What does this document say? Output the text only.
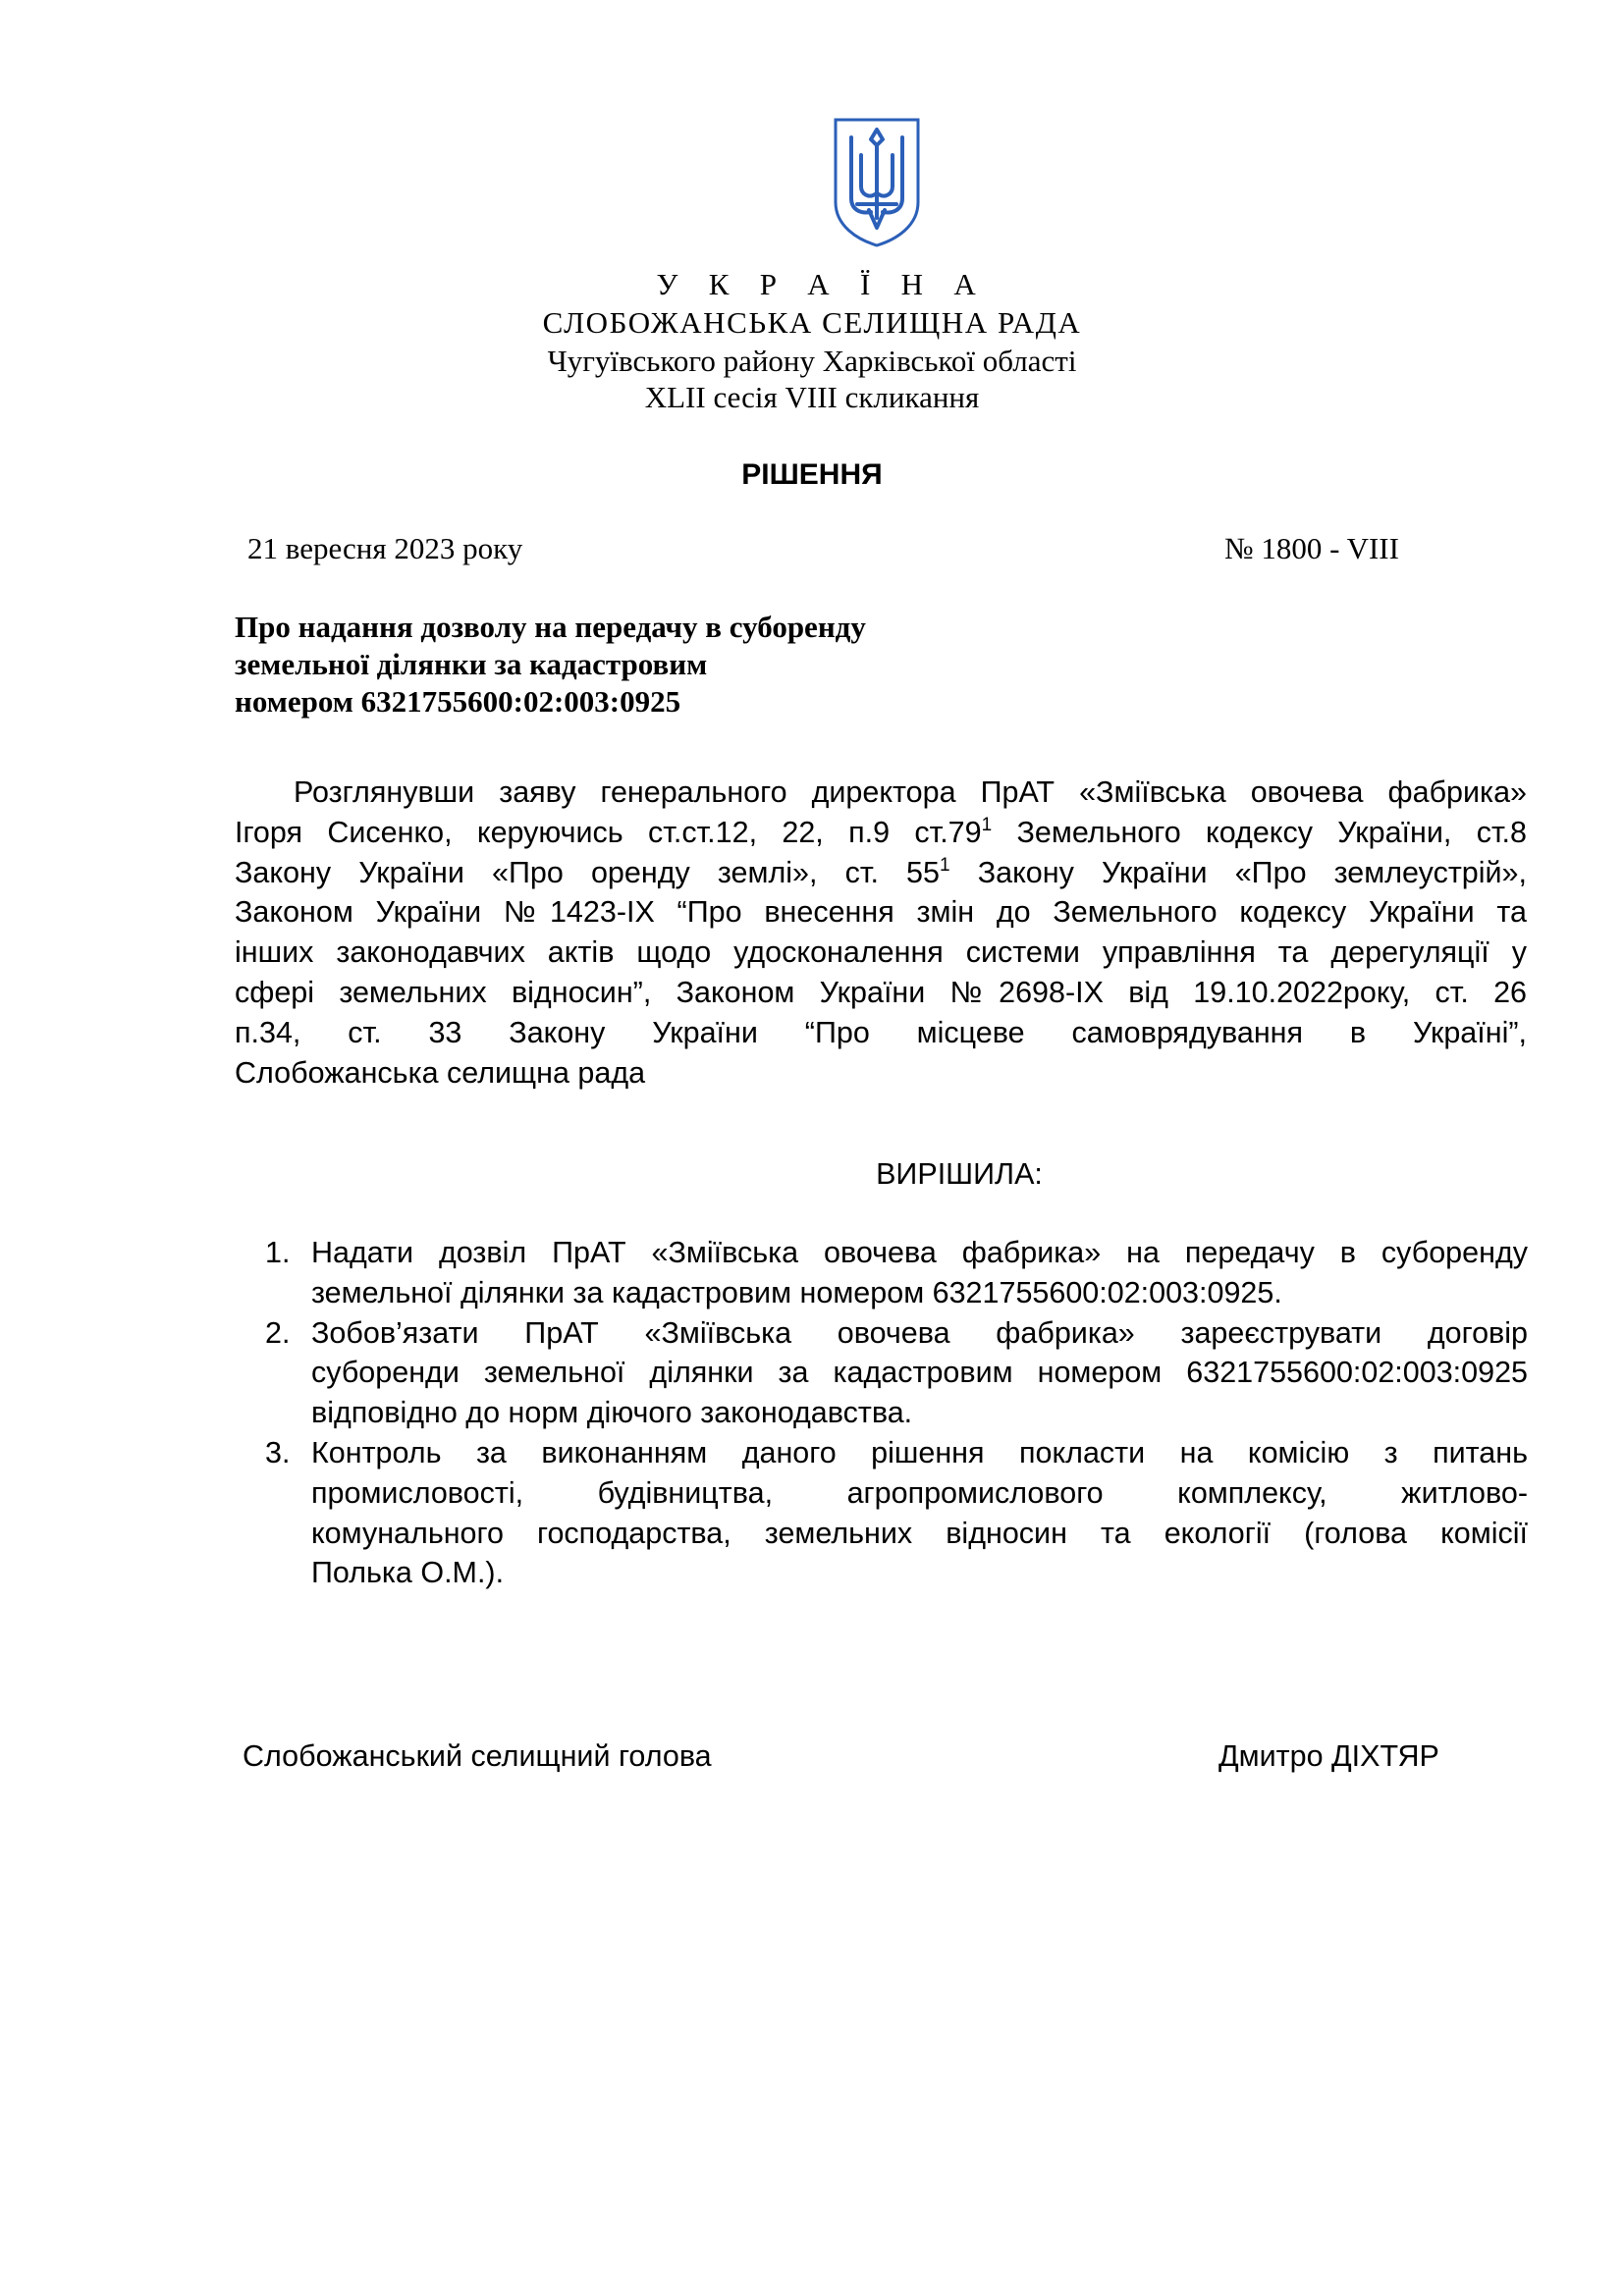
У К Р А Ї Н А
СЛОБОЖАНСЬКА СЕЛИЩНА РАДА
Чугуївського району Харківської області
XLII сесія VIII скликання
РІШЕННЯ
21 вересня 2023 року	№ 1800 - VIII
Про надання дозволу на передачу в суборенду
земельної ділянки за кадастровим
номером 6321755600:02:003:0925
Розглянувши заяву генерального директора ПрАТ «Зміївська овочева фабрика»
Ігоря Сисенко, керуючись ст.ст.12, 22, п.9 $ст.79^1$ Земельного кодексу України, ст.8
Закону України «Про оренду землі», ст. $55^1$ Закону України «Про землеустрій»,
Законом України №1423-ІХ “Про внесення змін до Земельного кодексу України та
інших законодавчих актів щодо удосконалення системи управління та дерегуляції у
сфері земельних відносин”, Законом України №2698-ІХ від 19.10.2022року, ст. 26
п.34, ст. 33 Закону України “Про місцеве самоврядування в Україні”,
Слобожанська селищна рада
ВИРІШИЛА:
1. Надати дозвіл ПрАТ «Зміївська овочева фабрика» на передачу в суборенду
земельної ділянки за кадастровим номером 6321755600:02:003:0925.
2. Зобов’язати ПрАТ «Зміївська овочева фабрика» зареєструвати договір
суборенди земельної ділянки за кадастровим номером 6321755600:02:003:0925
відповідно до норм діючого законодавства.
3. Контроль за виконанням даного рішення покласти на комісію з питань
промисловості, будівництва, агропромислового комплексу, житлово-
комунального господарства, земельних відносин та екології (голова комісії
Полька О.М.).
Слобожанський селищний голова	Дмитро ДІХТЯР
